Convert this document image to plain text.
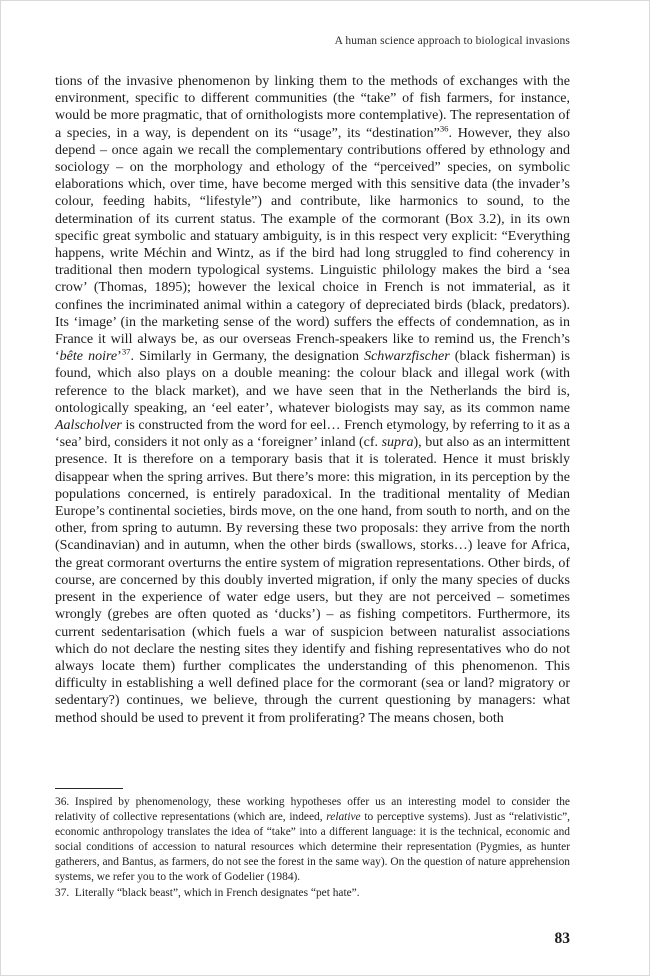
A human science approach to biological invasions
tions of the invasive phenomenon by linking them to the methods of exchanges with the environment, specific to different communities (the “take” of fish farmers, for instance, would be more pragmatic, that of ornithologists more contemplative). The representation of a species, in a way, is dependent on its “usage”, its “destination”$^{36}$. However, they also depend – once again we recall the complementary contributions offered by ethnology and sociology – on the morphology and ethology of the “perceived” species, on symbolic elaborations which, over time, have become merged with this sensitive data (the invader’s colour, feeding habits, “lifestyle”) and contribute, like harmonics to sound, to the determination of its current status. The example of the cormorant (Box 3.2), in its own specific great symbolic and statuary ambiguity, is in this respect very explicit: “Everything happens, write Méchin and Wintz, as if the bird had long struggled to find coherency in traditional then modern typological systems. Linguistic philology makes the bird a ‘sea crow’ (Thomas, 1895); however the lexical choice in French is not immaterial, as it confines the incriminated animal within a category of depreciated birds (black, predators). Its ‘image’ (in the marketing sense of the word) suffers the effects of condemnation, as in France it will always be, as our overseas French-speakers like to remind us, the French’s ‘bête noire’$^{37}$. Similarly in Germany, the designation Schwarzfischer (black fisherman) is found, which also plays on a double meaning: the colour black and illegal work (with reference to the black market), and we have seen that in the Netherlands the bird is, ontologically speaking, an ‘eel eater’, whatever biologists may say, as its common name Aalscholver is constructed from the word for eel… French etymology, by referring to it as a ‘sea’ bird, considers it not only as a ‘foreigner’ inland (cf. supra), but also as an intermittent presence. It is therefore on a temporary basis that it is tolerated. Hence it must briskly disappear when the spring arrives. But there’s more: this migration, in its perception by the populations concerned, is entirely paradoxical. In the traditional mentality of Median Europe’s continental societies, birds move, on the one hand, from south to north, and on the other, from spring to autumn. By reversing these two proposals: they arrive from the north (Scandinavian) and in autumn, when the other birds (swallows, storks…) leave for Africa, the great cormorant overturns the entire system of migration representations. Other birds, of course, are concerned by this doubly inverted migration, if only the many species of ducks present in the experience of water edge users, but they are not perceived – sometimes wrongly (grebes are often quoted as ‘ducks’) – as fishing competitors. Furthermore, its current sedentarisation (which fuels a war of suspicion between naturalist associations which do not declare the nesting sites they identify and fishing representatives who do not always locate them) further complicates the understanding of this phenomenon. This difficulty in establishing a well defined place for the cormorant (sea or land? migratory or sedentary?) continues, we believe, through the current questioning by managers: what method should be used to prevent it from proliferating? The means chosen, both
36. Inspired by phenomenology, these working hypotheses offer us an interesting model to consider the relativity of collective representations (which are, indeed, relative to perceptive systems). Just as “relativistic”, economic anthropology translates the idea of “take” into a different language: it is the technical, economic and social conditions of accession to natural resources which determine their representation (Pygmies, as hunter gatherers, and Bantus, as farmers, do not see the forest in the same way). On the question of nature apprehension systems, we refer you to the work of Godelier (1984).
37. Literally “black beast”, which in French designates “pet hate”.
83
